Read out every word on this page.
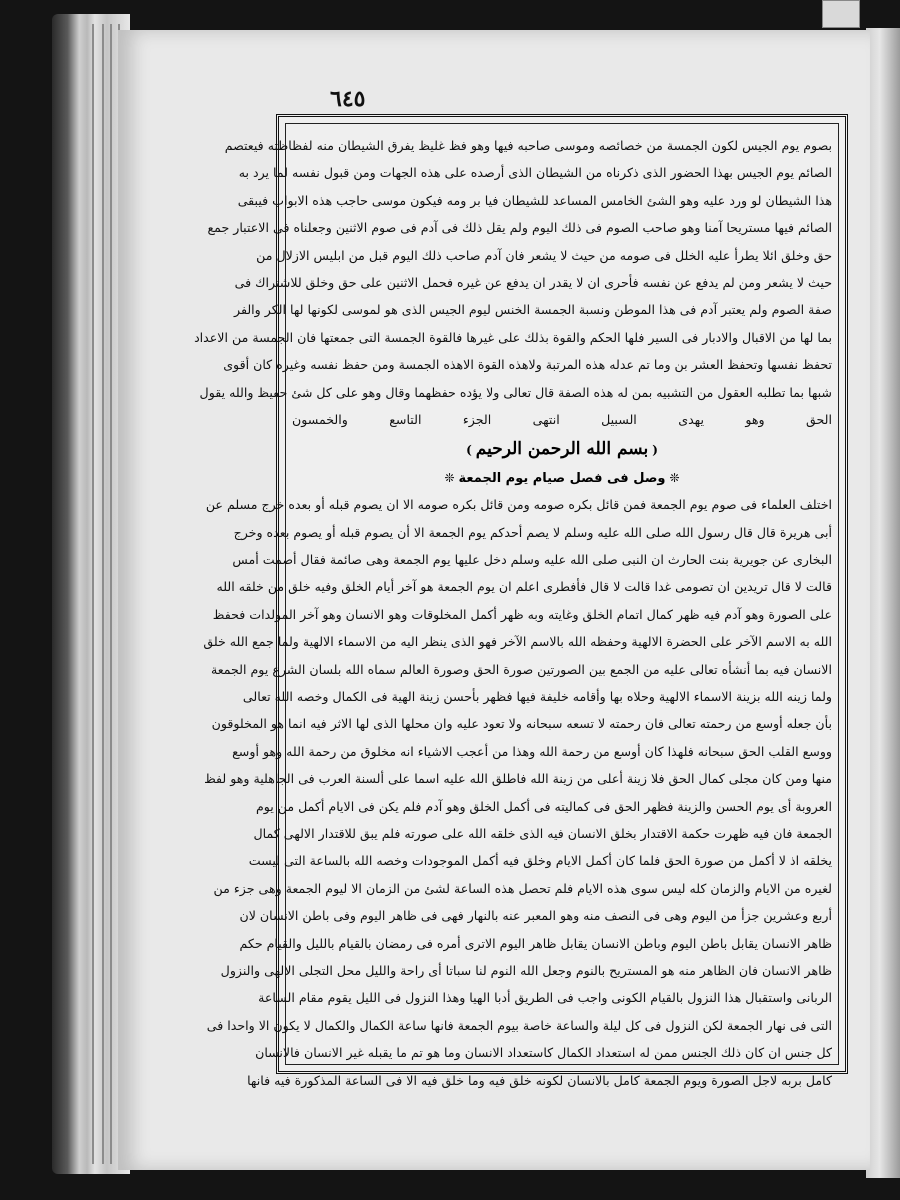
٦٤٥
بصوم يوم الجيس لكون الجمسة من خصائصه وموسى صاحبه فيها وهو فظ غليظ يفرق الشيطان منه لفظاظته فيعتصم
الصائم يوم الجيس بهذا الحضور الذى ذكرناه من الشيطان الذى أرصده على هذه الجهات ومن قبول نفسه لما يرد به
هذا الشيطان لو ورد عليه وهو الشئ الخامس المساعد للشيطان فيا بر ومه فيكون موسى حاجب هذه الابواب فيبقى
الصائم فيها مستريحا آمنا وهو صاحب الصوم فى ذلك اليوم ولم يقل ذلك فى آدم فى صوم الاثنين وجعلناه فى الاعتبار جمع
حق وخلق ائلا يطرأ عليه الخلل فى صومه من حيث لا يشعر فان آدم صاحب ذلك اليوم قبل من ابليس الازلال من
حيث لا يشعر ومن لم يدفع عن نفسه فأحرى ان لا يقدر ان يدفع عن غيره فحمل الاثنين على حق وخلق للاشتراك فى
صفة الصوم ولم يعتبر آدم فى هذا الموطن ونسبة الجمسة الخنس ليوم الجيس الذى هو لموسى لكونها لها الكر والفر
بما لها من الاقبال والادبار فى السير فلها الحكم والقوة بذلك على غيرها فالقوة الجمسة التى جمعتها فان الجمسة من الاعداد
تحفظ نفسها وتحفظ العشر بن وما تم عدله هذه المرتبة ولاهذه القوة الاهذه الجمسة ومن حفظ نفسه وغيره كان أقوى
شبها بما تطلبه العقول من التشبيه بمن له هذه الصفة قال تعالى ولا يؤده حفظهما وقال وهو على كل شئ حفيظ والله يقول
الحق وهو يهدى السبيل انتهى الجزء التاسع والخمسون
(بسم الله الرحمن الرحيم)
❊وصل فى فصل صيام يوم الجمعة❊
اختلف العلماء فى صوم يوم الجمعة فمن قائل بكره صومه ومن قائل بكره صومه الا ان يصوم قبله أو بعده خرج مسلم عن
أبى هريرة قال قال رسول الله صلى الله عليه وسلم لا يصم أحدكم يوم الجمعة الا أن يصوم قبله أو يصوم بعده وخرج
البخارى عن جويرية بنت الحارث ان النبى صلى الله عليه وسلم دخل عليها يوم الجمعة وهى صائمة فقال أصمت أمس
قالت لا قال تريدين ان تصومى غدا قالت لا قال فأفطرى اعلم ان يوم الجمعة هو آخر أيام الخلق وفيه خلق من خلقه الله
على الصورة وهو آدم فيه ظهر كمال اتمام الخلق وغايته وبه ظهر أكمل المخلوقات وهو الانسان وهو آخر المولدات فحفظ
الله به الاسم الآخر على الحضرة الالهية وحفظه الله بالاسم الآخر فهو الذى ينظر اليه من الاسماء الالهية ولما جمع الله خلق
الانسان فيه بما أنشأه تعالى عليه من الجمع بين الصورتين صورة الحق وصورة العالم سماه الله بلسان الشرع يوم الجمعة
ولما زينه الله بزينة الاسماء الالهية وحلاه بها وأقامه خليفة فيها فظهر بأحسن زينة الهية فى الكمال وخصه الله تعالى
بأن جعله أوسع من رحمته تعالى فان رحمته لا تسعه سبحانه ولا تعود عليه وان محلها الذى لها الاثر فيه انما هو المخلوقون
ووسع القلب الحق سبحانه فلهذا كان أوسع من رحمة الله وهذا من أعجب الاشياء انه مخلوق من رحمة الله وهو أوسع
منها ومن كان مجلى كمال الحق فلا زينة أعلى من زينة الله فاطلق الله عليه اسما على ألسنة العرب فى الجاهلية وهو لفظ
العروبة أى يوم الحسن والزينة فظهر الحق فى كماليته فى أكمل الخلق وهو آدم فلم يكن فى الايام أكمل من يوم
الجمعة فان فيه ظهرت حكمة الاقتدار بخلق الانسان فيه الذى خلقه الله على صورته فلم يبق للاقتدار الالهى كمال
يخلقه اذ لا أكمل من صورة الحق فلما كان أكمل الايام وخلق فيه أكمل الموجودات وخصه الله بالساعة التى ليست
لغيره من الايام والزمان كله ليس سوى هذه الايام فلم تحصل هذه الساعة لشئ من الزمان الا ليوم الجمعة وهى جزء من
أربع وعشرين جزأ من اليوم وهى فى النصف منه وهو المعبر عنه بالنهار فهى فى ظاهر اليوم وفى باطن الانسان لان
ظاهر الانسان يقابل باطن اليوم وباطن الانسان يقابل ظاهر اليوم الاترى أمره فى رمضان بالقيام بالليل والقيام حكم
ظاهر الانسان فان الظاهر منه هو المستريح بالنوم وجعل الله النوم لنا سباتا أى راحة والليل محل التجلى الالهى والنزول
الربانى واستقبال هذا النزول بالقيام الكونى واجب فى الطريق أدبا الهيا وهذا النزول فى الليل يقوم مقام الساعة
التى فى نهار الجمعة لكن النزول فى كل ليلة والساعة خاصة بيوم الجمعة فانها ساعة الكمال والكمال لا يكون الا واحدا فى
كل جنس ان كان ذلك الجنس ممن له استعداد الكمال كاستعداد الانسان وما هو تم ما يقبله غير الانسان فالانسان
كامل بربه لاجل الصورة ويوم الجمعة كامل بالانسان لكونه خلق فيه وما خلق فيه الا فى الساعة المذكورة فيه فانها
